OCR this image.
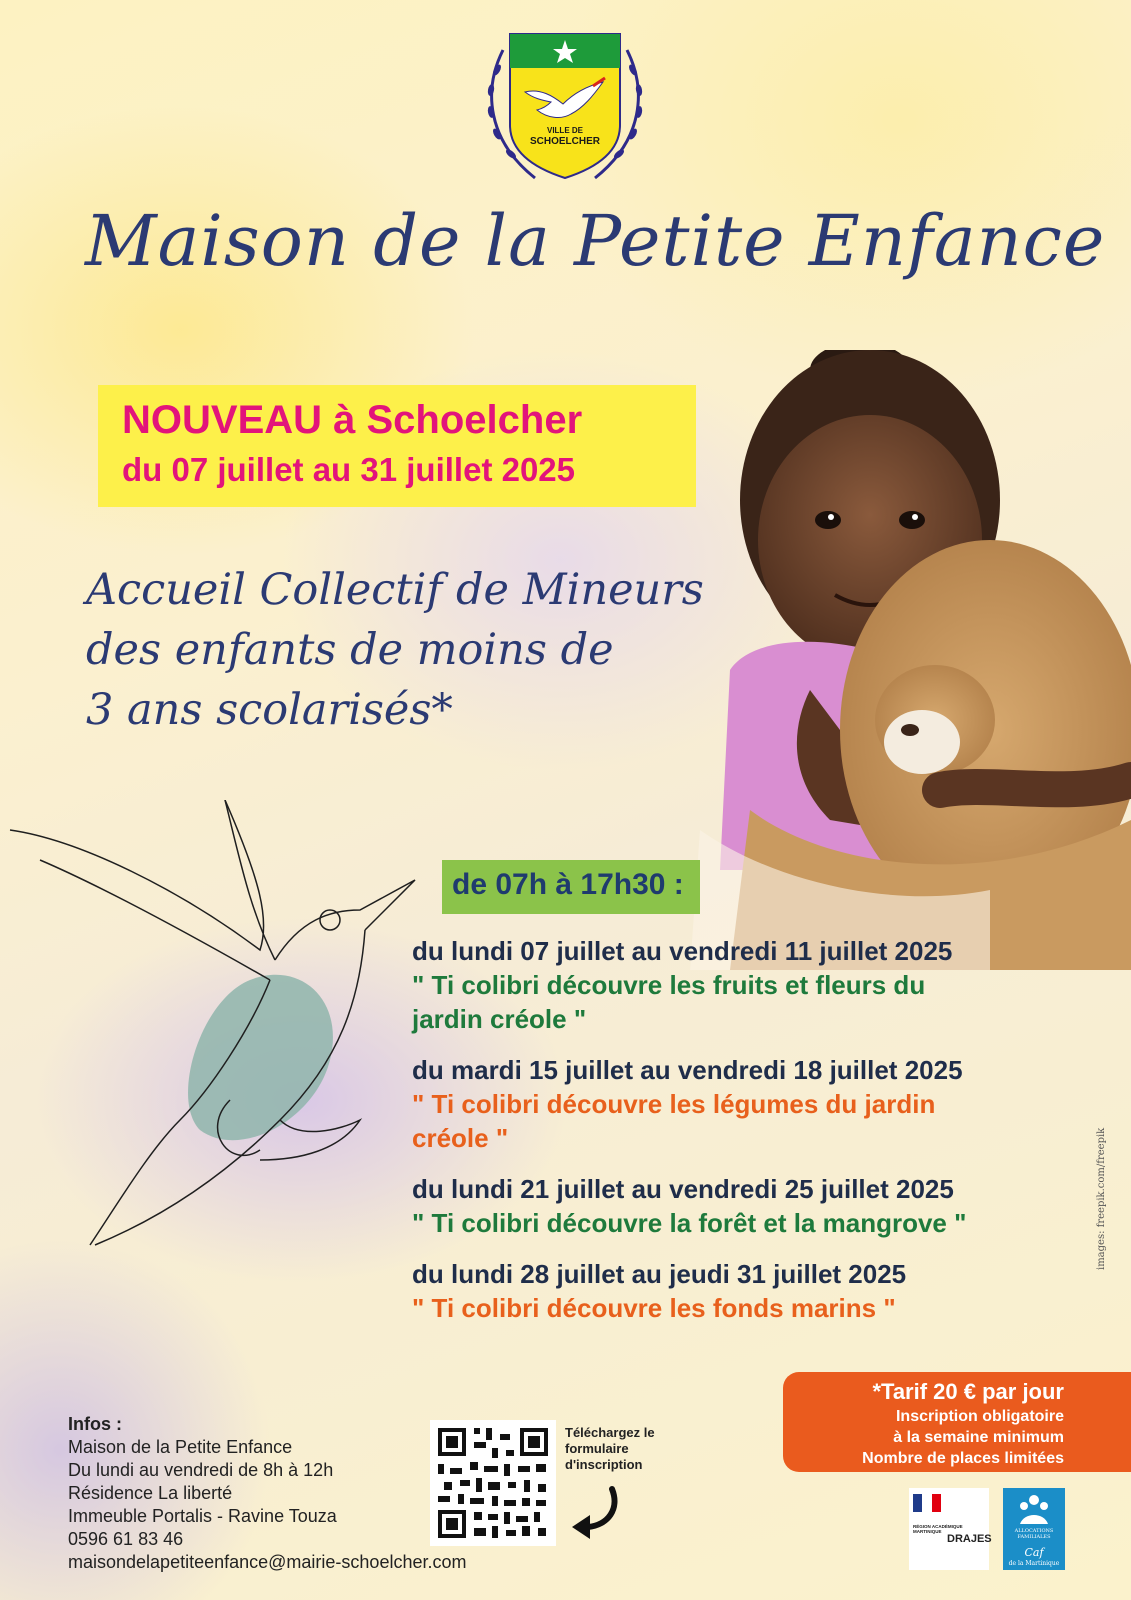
VILLE DE
SCHOELCHER
Maison de la Petite Enfance
NOUVEAU à Schoelcher
du 07 juillet au 31 juillet 2025
Accueil Collectif de Mineurs
des enfants de moins de
3 ans scolarisés*
de 07h à 17h30 :
du lundi 07 juillet au vendredi 11 juillet 2025
" Ti colibri découvre les fruits et fleurs du
jardin créole "
du mardi 15 juillet au vendredi 18 juillet 2025
" Ti colibri découvre les légumes du jardin
créole "
du lundi 21 juillet au vendredi 25 juillet 2025
" Ti colibri découvre la forêt et la mangrove "
du lundi 28 juillet au jeudi 31 juillet 2025
" Ti colibri découvre les fonds marins "
images: freepik.com/freepik
*Tarif 20 € par jour
Inscription obligatoire
à la semaine minimum
Nombre de places limitées
Infos :
Maison de la Petite Enfance
Du lundi au vendredi de 8h à 12h
Résidence La liberté
Immeuble Portalis - Ravine Touza
0596 61 83 46
maisondelapetiteenfance@mairie-schoelcher.com
Téléchargez le
formulaire
d'inscription
RÉGION ACADÉMIQUE
MARTINIQUE
DRAJES
ALLOCATIONS
FAMILIALES
Caf
de la Martinique
